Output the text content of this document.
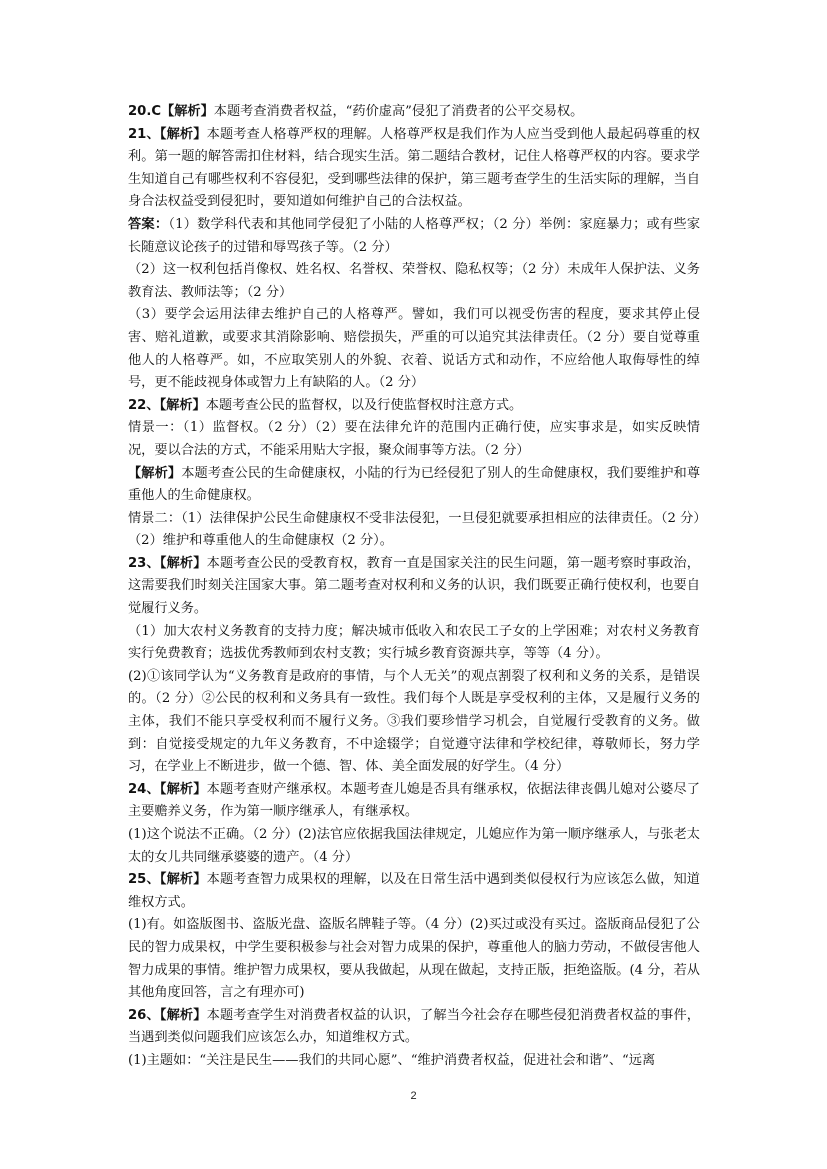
20.C【解析】本题考查消费者权益，“药价虚高”侵犯了消费者的公平交易权。

21、【解析】本题考查人格尊严权的理解。人格尊严权是我们作为人应当受到他人最起码尊重的权利。第一题的解答需扣住材料，结合现实生活。第二题结合教材，记住人格尊严权的内容。要求学生知道自己有哪些权利不容侵犯，受到哪些法律的保护，第三题考查学生的生活实际的理解，当自身合法权益受到侵犯时，要知道如何维护自己的合法权益。

答案：（1）数学科代表和其他同学侵犯了小陆的人格尊严权；（2 分）举例：家庭暴力；或有些家长随意议论孩子的过错和辱骂孩子等。（2 分）

（2）这一权利包括肖像权、姓名权、名誉权、荣誉权、隐私权等；（2 分）未成年人保护法、义务教育法、教师法等；（2 分）

（3）要学会运用法律去维护自己的人格尊严。譬如，我们可以视受伤害的程度，要求其停止侵害、赔礼道歉，或要求其消除影响、赔偿损失，严重的可以追究其法律责任。（2 分）要自觉尊重他人的人格尊严。如，不应取笑别人的外貌、衣着、说话方式和动作，不应给他人取侮辱性的绰号，更不能歧视身体或智力上有缺陷的人。（2 分）

22、【解析】本题考查公民的监督权，以及行使监督权时注意方式。

情景一：（1）监督权。（2 分）（2）要在法律允许的范围内正确行使，应实事求是，如实反映情况，要以合法的方式，不能采用贴大字报，聚众闹事等方法。（2 分）

【解析】本题考查公民的生命健康权，小陆的行为已经侵犯了别人的生命健康权，我们要维护和尊重他人的生命健康权。

情景二：（1）法律保护公民生命健康权不受非法侵犯，一旦侵犯就要承担相应的法律责任。（2 分）（2）维护和尊重他人的生命健康权（2 分）。

23、【解析】本题考查公民的受教育权，教育一直是国家关注的民生问题，第一题考察时事政治，这需要我们时刻关注国家大事。第二题考查对权利和义务的认识，我们既要正确行使权利，也要自觉履行义务。

（1）加大农村义务教育的支持力度；解决城市低收入和农民工子女的上学困难；对农村义务教育实行免费教育；选拔优秀教师到农村支教；实行城乡教育资源共享，等等（4 分）。

(2)①该同学认为“义务教育是政府的事情，与个人无关”的观点割裂了权利和义务的关系，是错误的。（2 分）②公民的权利和义务具有一致性。我们每个人既是享受权利的主体，又是履行义务的主体，我们不能只享受权利而不履行义务。③我们要珍惜学习机会，自觉履行受教育的义务。做到：自觉接受规定的九年义务教育，不中途辍学；自觉遵守法律和学校纪律，尊敬师长，努力学习，在学业上不断进步，做一个德、智、体、美全面发展的好学生。（4 分）

24、【解析】本题考查财产继承权。本题考查儿媳是否具有继承权，依据法律丧偶儿媳对公婆尽了主要赡养义务，作为第一顺序继承人，有继承权。

(1)这个说法不正确。（2 分）(2)法官应依据我国法律规定，儿媳应作为第一顺序继承人，与张老太太的女儿共同继承婆婆的遗产。（4 分）

25、【解析】本题考查智力成果权的理解，以及在日常生活中遇到类似侵权行为应该怎么做，知道维权方式。

(1)有。如盗版图书、盗版光盘、盗版名牌鞋子等。（4 分）(2)买过或没有买过。盗版商品侵犯了公民的智力成果权，中学生要积极参与社会对智力成果的保护，尊重他人的脑力劳动，不做侵害他人智力成果的事情。维护智力成果权，要从我做起，从现在做起，支持正版，拒绝盗版。(4 分，若从其他角度回答，言之有理亦可)

26、【解析】本题考查学生对消费者权益的认识，了解当今社会存在哪些侵犯消费者权益的事件，当遇到类似问题我们应该怎么办，知道维权方式。

(1)主题如：“关注是民生——我们的共同心愿”、“维护消费者权益，促进社会和谐”、“远离

2
